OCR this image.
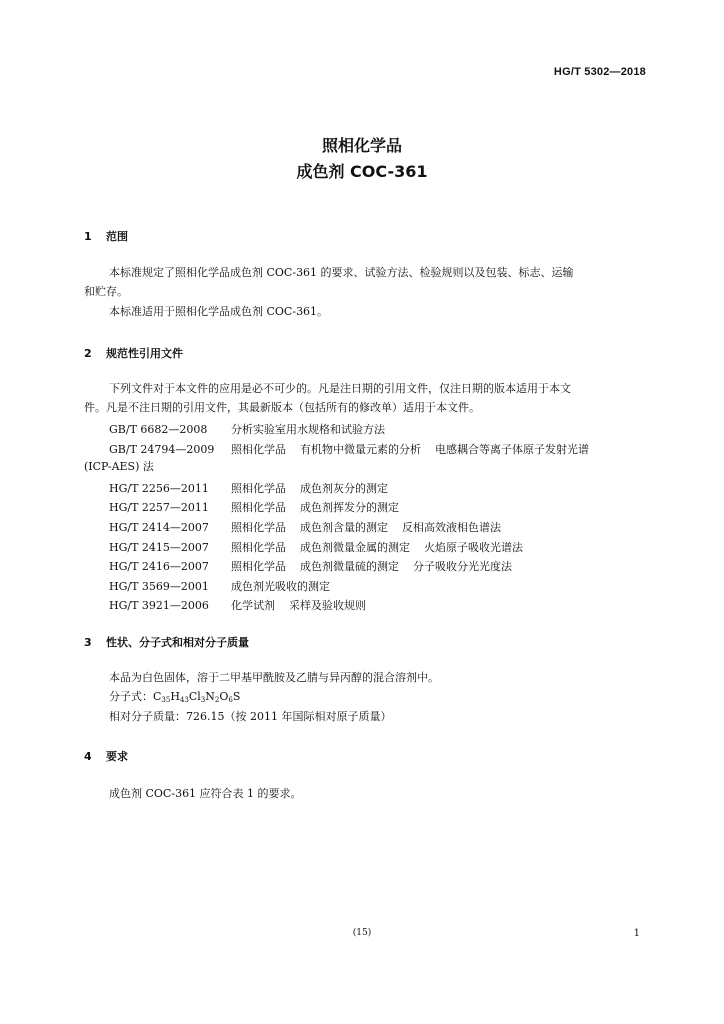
HG/T 5302—2018
照相化学品
成色剂 COC-361
1 范围
本标准规定了照相化学品成色剂 COC-361 的要求、试验方法、检验规则以及包装、标志、运输
和贮存。
本标准适用于照相化学品成色剂 COC-361。
2 规范性引用文件
下列文件对于本文件的应用是必不可少的。凡是注日期的引用文件，仅注日期的版本适用于本文
件。凡是不注日期的引用文件，其最新版本（包括所有的修改单）适用于本文件。
GB/T 6682—2008 分析实验室用水规格和试验方法
GB/T 24794—2009 照相化学品 有机物中微量元素的分析 电感耦合等离子体原子发射光谱
(ICP-AES) 法
HG/T 2256—2011 照相化学品 成色剂灰分的测定
HG/T 2257—2011 照相化学品 成色剂挥发分的测定
HG/T 2414—2007 照相化学品 成色剂含量的测定 反相高效液相色谱法
HG/T 2415—2007 照相化学品 成色剂微量金属的测定 火焰原子吸收光谱法
HG/T 2416—2007 照相化学品 成色剂微量硫的测定 分子吸收分光光度法
HG/T 3569—2001 成色剂光吸收的测定
HG/T 3921—2006 化学试剂 采样及验收规则
3 性状、分子式和相对分子质量
本品为白色固体，溶于二甲基甲酰胺及乙腈与异丙醇的混合溶剂中。
分子式：$C_{35}H_{43}Cl_3N_2O_6S$
相对分子质量：726.15（按 2011 年国际相对原子质量）
4 要求
成色剂 COC-361 应符合表 1 的要求。
(15)	1
